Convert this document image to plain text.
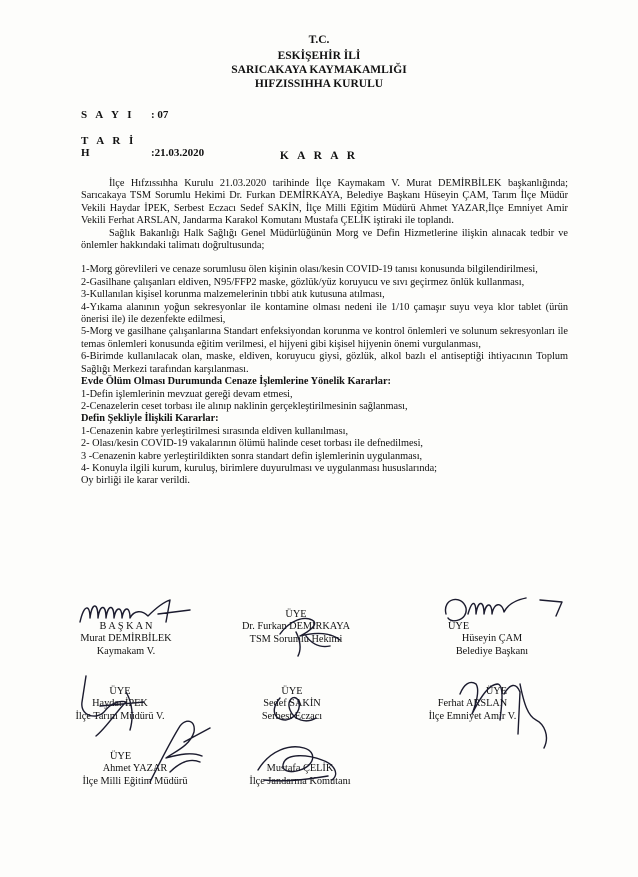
T.C.
ESKİŞEHİR İLİ
SARICAKAYA KAYMAKAMLIĞI
HIFZISSIHHA KURULU
S A Y I : 07
T A R İ H	:21.03.2020	K A R A R

İlçe Hıfzıssıhha Kurulu 21.03.2020 tarihinde İlçe Kaymakam V. Murat DEMİRBİLEK başkanlığında; Sarıcakaya TSM Sorumlu Hekimi Dr. Furkan DEMİRKAYA, Belediye Başkanı Hüseyin ÇAM, Tarım İlçe Müdür Vekili Haydar İPEK, Serbest Eczacı Sedef SAKİN, İlçe Milli Eğitim Müdürü Ahmet YAZAR,İlçe Emniyet Amir Vekili Ferhat ARSLAN, Jandarma Karakol Komutanı Mustafa ÇELİK iştiraki ile toplandı.

Sağlık Bakanlığı Halk Sağlığı Genel Müdürlüğünün Morg ve Defin Hizmetlerine ilişkin alınacak tedbir ve önlemler hakkındaki talimatı doğrultusunda;

1-Morg görevlileri ve cenaze sorumlusu ölen kişinin olası/kesin COVID-19 tanısı konusunda bilgilendirilmesi,

2-Gasilhane çalışanları eldiven, N95/FFP2 maske, gözlük/yüz koruyucu ve sıvı geçirmez önlük kullanması,

3-Kullanılan kişisel korunma malzemelerinin tıbbi atık kutusuna atılması,

4-Yıkama alanının yoğun sekresyonlar ile kontamine olması nedeni ile 1/10 çamaşır suyu veya klor tablet (ürün önerisi ile) ile dezenfekte edilmesi,

5-Morg ve gasilhane çalışanlarına Standart enfeksiyondan korunma ve kontrol önlemleri ve solunum sekresyonları ile temas önlemleri konusunda eğitim verilmesi, el hijyeni gibi kişisel hijyenin önemi vurgulanması,

6-Birimde kullanılacak olan, maske, eldiven, koruyucu giysi, gözlük, alkol bazlı el antiseptiği ihtiyacının Toplum Sağlığı Merkezi tarafından karşılanması.

Evde Ölüm Olması Durumunda Cenaze İşlemlerine Yönelik Kararlar:

1-Defin işlemlerinin mevzuat gereği devam etmesi,

2-Cenazelerin ceset torbası ile alınıp naklinin gerçekleştirilmesinin sağlanması,

Defin Şekliyle İlişkili Kararlar:

1-Cenazenin kabre yerleştirilmesi sırasında eldiven kullanılması,

2- Olası/kesin COVID-19 vakalarının ölümü halinde ceset torbası ile defnedilmesi,

3 -Cenazenin kabre yerleştirildikten sonra standart defin işlemlerinin uygulanması,

4- Konuyla ilgili kurum, kuruluş, birimlere duyurulması ve uygulanması hususlarında;

Oy birliği ile karar verildi.

B A Ş K A N
Murat DEMİRBİLEK
Kaymakam V.
ÜYE
Dr. Furkan DEMİRKAYA
TSM Sorumlu Hekimi
ÜYE
Hüseyin ÇAM
Belediye Başkanı
ÜYE
Haydar İPEK
İlçe Tarım Müdürü V.
ÜYE
Sedef SAKİN
Serbest Eczacı
ÜYE
Ferhat ARSLAN
İlçe Emniyet Amir V.
ÜYE
Ahmet YAZAR
İlçe Milli Eğitim Müdürü
Mustafa ÇELİK
İlçe Jandarma Komutanı
